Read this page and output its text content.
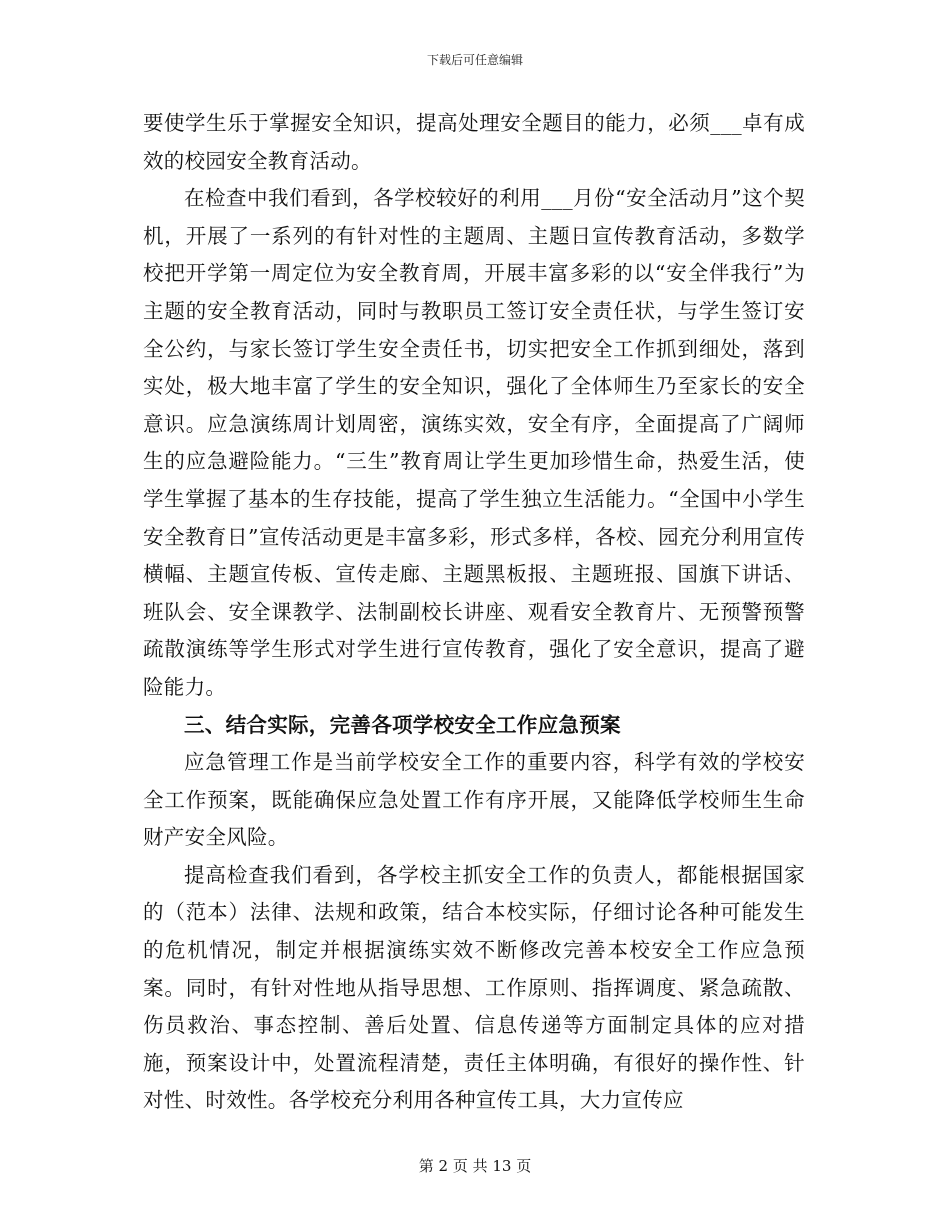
下载后可任意编辑

要使学生乐于掌握安全知识，提高处理安全题目的能力，必须___卓有成效的校园安全教育活动。

在检查中我们看到，各学校较好的利用___月份“安全活动月”这个契机，开展了一系列的有针对性的主题周、主题日宣传教育活动，多数学校把开学第一周定位为安全教育周，开展丰富多彩的以“安全伴我行”为主题的安全教育活动，同时与教职员工签订安全责任状，与学生签订安全公约，与家长签订学生安全责任书，切实把安全工作抓到细处，落到实处，极大地丰富了学生的安全知识，强化了全体师生乃至家长的安全意识。应急演练周计划周密，演练实效，安全有序，全面提高了广阔师生的应急避险能力。“三生”教育周让学生更加珍惜生命，热爱生活，使学生掌握了基本的生存技能，提高了学生独立生活能力。“全国中小学生安全教育日”宣传活动更是丰富多彩，形式多样，各校、园充分利用宣传横幅、主题宣传板、宣传走廊、主题黑板报、主题班报、国旗下讲话、班队会、安全课教学、法制副校长讲座、观看安全教育片、无预警预警疏散演练等学生形式对学生进行宣传教育，强化了安全意识，提高了避险能力。

三、结合实际，完善各项学校安全工作应急预案

应急管理工作是当前学校安全工作的重要内容，科学有效的学校安全工作预案，既能确保应急处置工作有序开展，又能降低学校师生生命财产安全风险。

提高检查我们看到，各学校主抓安全工作的负责人，都能根据国家的（范本）法律、法规和政策，结合本校实际，仔细讨论各种可能发生的危机情况，制定并根据演练实效不断修改完善本校安全工作应急预案。同时，有针对性地从指导思想、工作原则、指挥调度、紧急疏散、伤员救治、事态控制、善后处置、信息传递等方面制定具体的应对措施，预案设计中，处置流程清楚，责任主体明确，有很好的操作性、针对性、时效性。各学校充分利用各种宣传工具，大力宣传应

第 2 页 共 13 页
